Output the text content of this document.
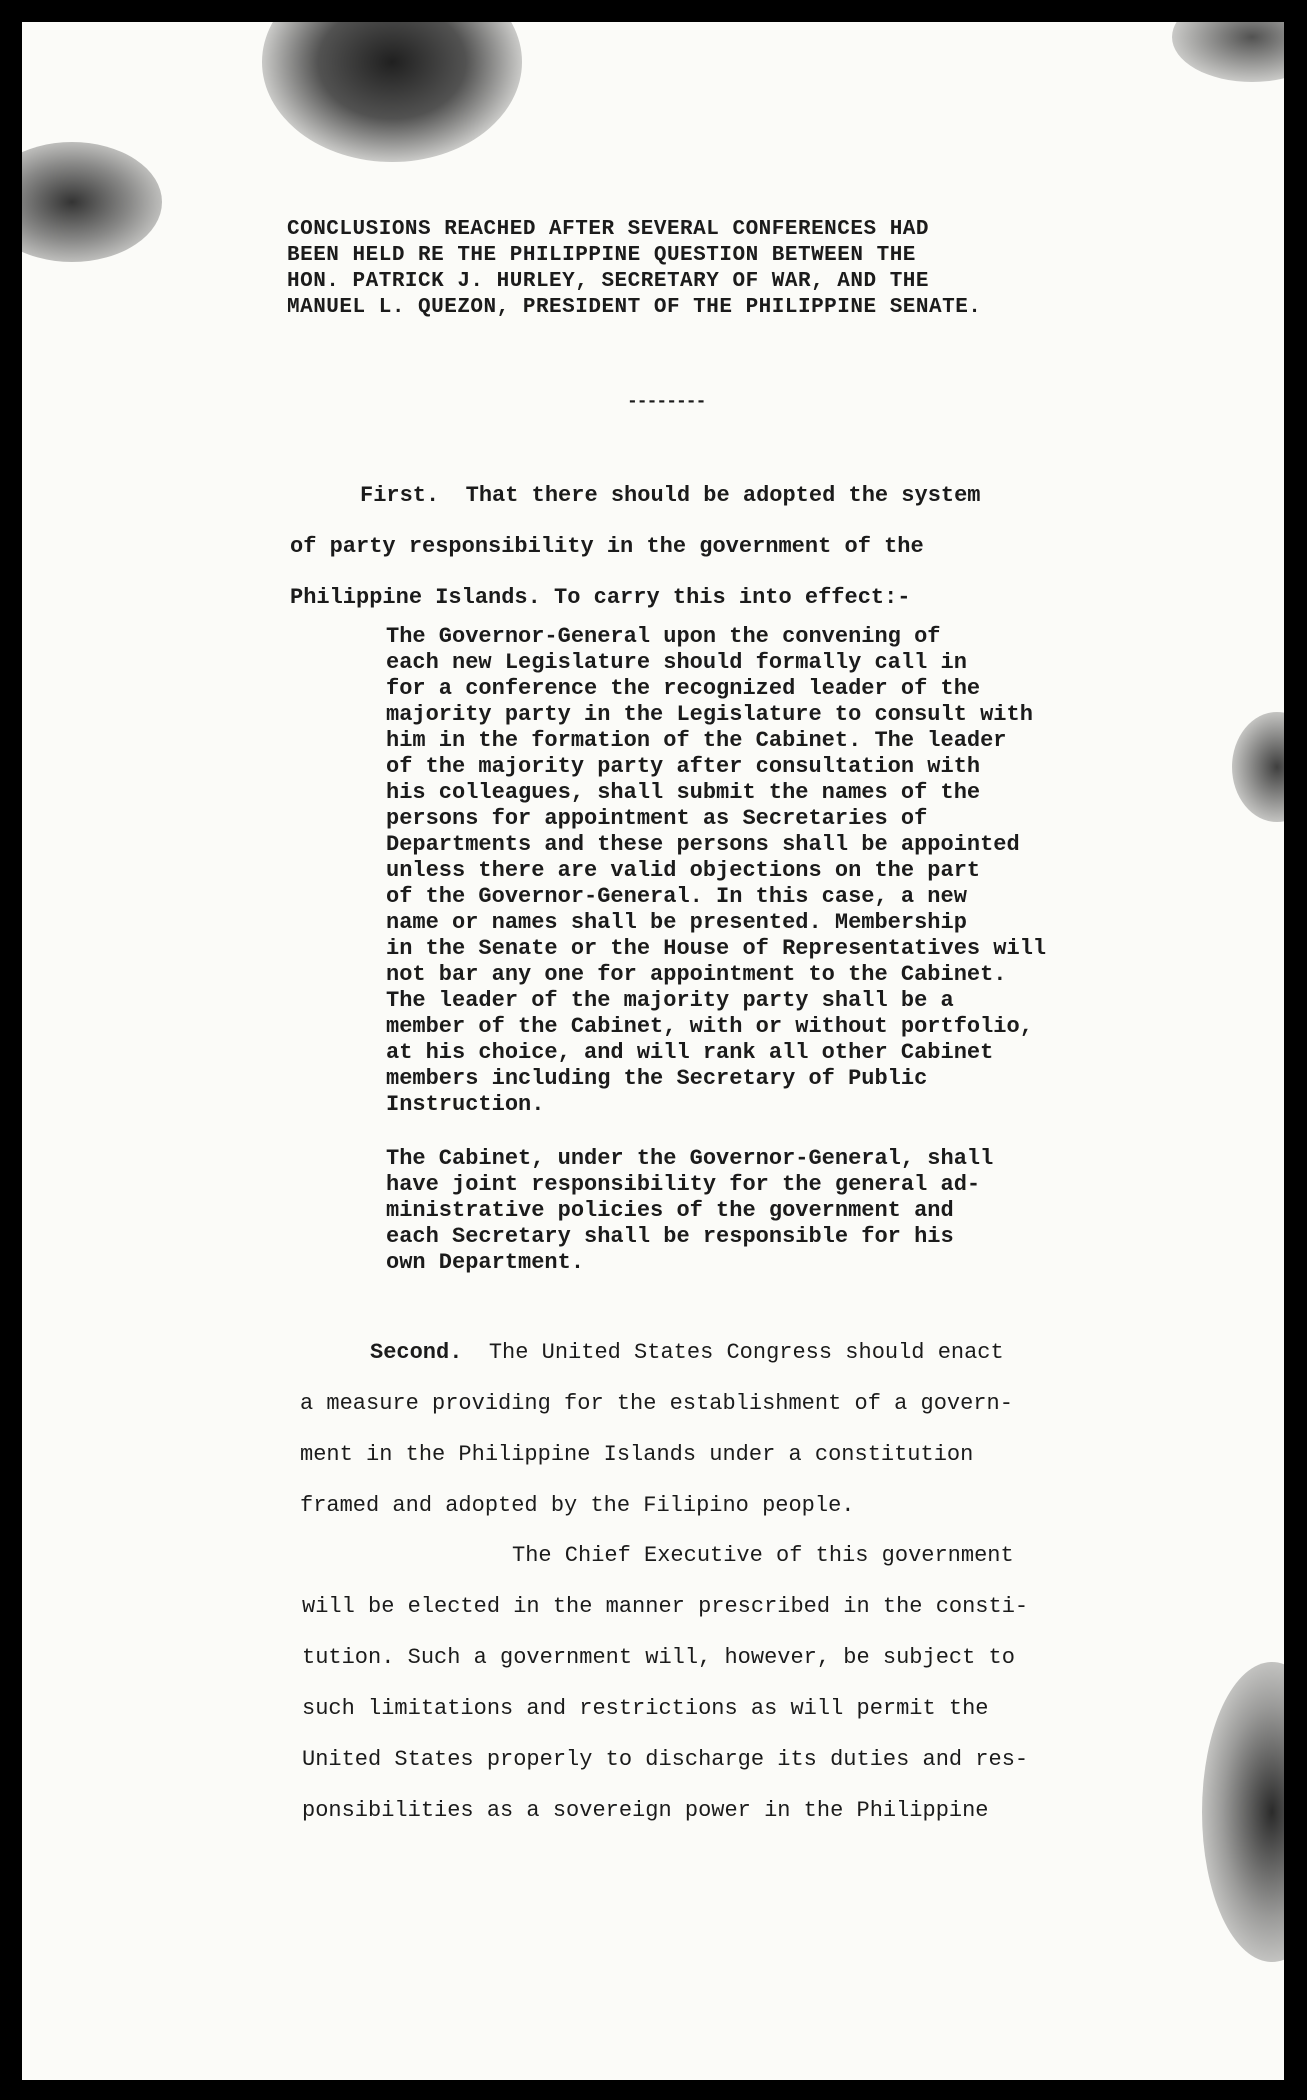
CONCLUSIONS REACHED AFTER SEVERAL CONFERENCES HAD
BEEN HELD RE THE PHILIPPINE QUESTION BETWEEN THE
HON. PATRICK J. HURLEY, SECRETARY OF WAR, AND THE
MANUEL L. QUEZON, PRESIDENT OF THE PHILIPPINE SENATE.

--------

First. That there should be adopted the system
of party responsibility in the government of the
Philippine Islands. To carry this into effect:-

The Governor-General upon the convening of
each new Legislature should formally call in
for a conference the recognized leader of the
majority party in the Legislature to consult with
him in the formation of the Cabinet. The leader
of the majority party after consultation with
his colleagues, shall submit the names of the
persons for appointment as Secretaries of
Departments and these persons shall be appointed
unless there are valid objections on the part
of the Governor-General. In this case, a new
name or names shall be presented. Membership
in the Senate or the House of Representatives will
not bar any one for appointment to the Cabinet.
The leader of the majority party shall be a
member of the Cabinet, with or without portfolio,
at his choice, and will rank all other Cabinet
members including the Secretary of Public
Instruction.

The Cabinet, under the Governor-General, shall
have joint responsibility for the general ad-
ministrative policies of the government and
each Secretary shall be responsible for his
own Department.

Second. The United States Congress should enact
a measure providing for the establishment of a govern-
ment in the Philippine Islands under a constitution
framed and adopted by the Filipino people.

The Chief Executive of this government
will be elected in the manner prescribed in the consti-
tution. Such a government will, however, be subject to
such limitations and restrictions as will permit the
United States properly to discharge its duties and res-
ponsibilities as a sovereign power in the Philippine
